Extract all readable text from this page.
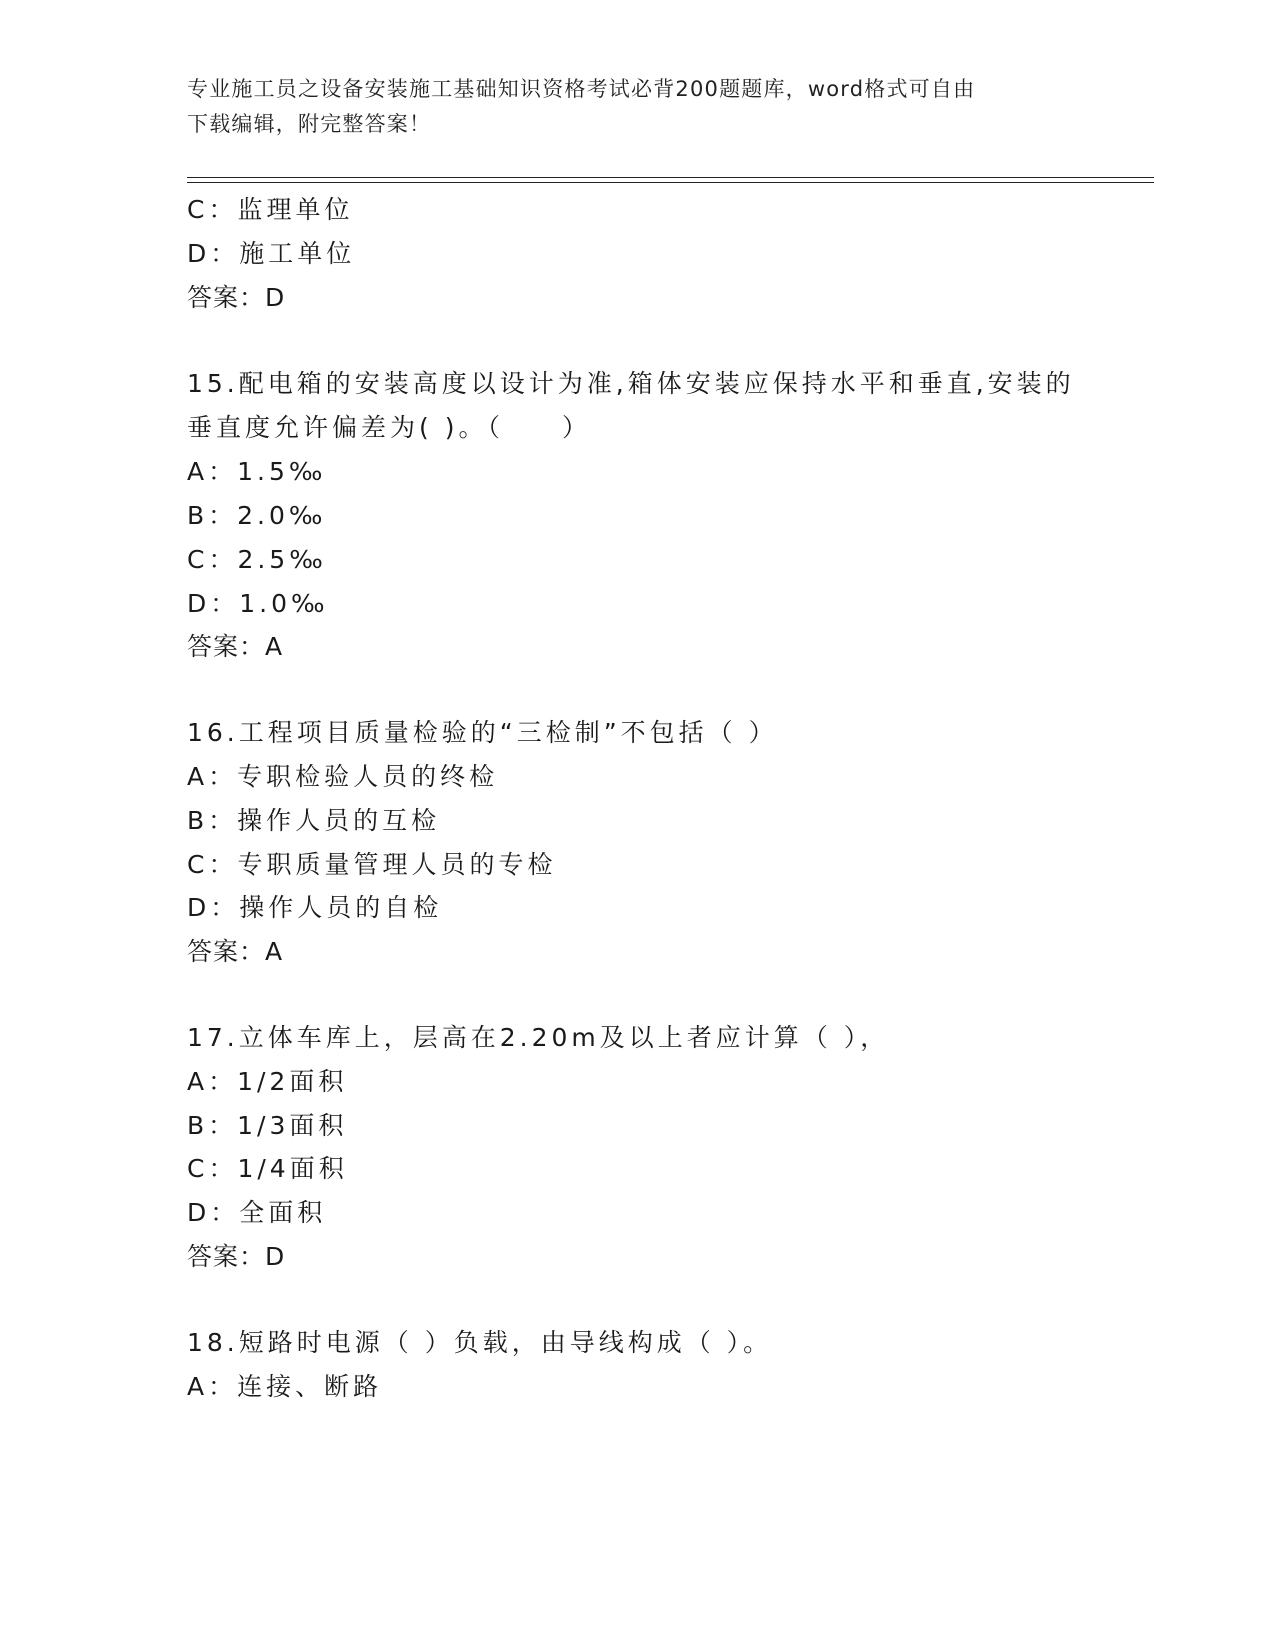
专业施工员之设备安装施工基础知识资格考试必背200题题库，word格式可自由
下载编辑，附完整答案！
C：监理单位
D：施工单位
答案：D
15.配电箱的安装高度以设计为准,箱体安装应保持水平和垂直,安装的
垂直度允许偏差为( )。（　　）
A：1.5‰
B：2.0‰
C：2.5‰
D：1.0‰
答案：A
16.工程项目质量检验的“三检制”不包括（ ）
A：专职检验人员的终检
B：操作人员的互检
C：专职质量管理人员的专检
D：操作人员的自检
答案：A
17.立体车库上，层高在2.20m及以上者应计算（ ），
A：1/2面积
B：1/3面积
C：1/4面积
D：全面积
答案：D
18.短路时电源（ ）负载，由导线构成（ ）。
A：连接、断路
